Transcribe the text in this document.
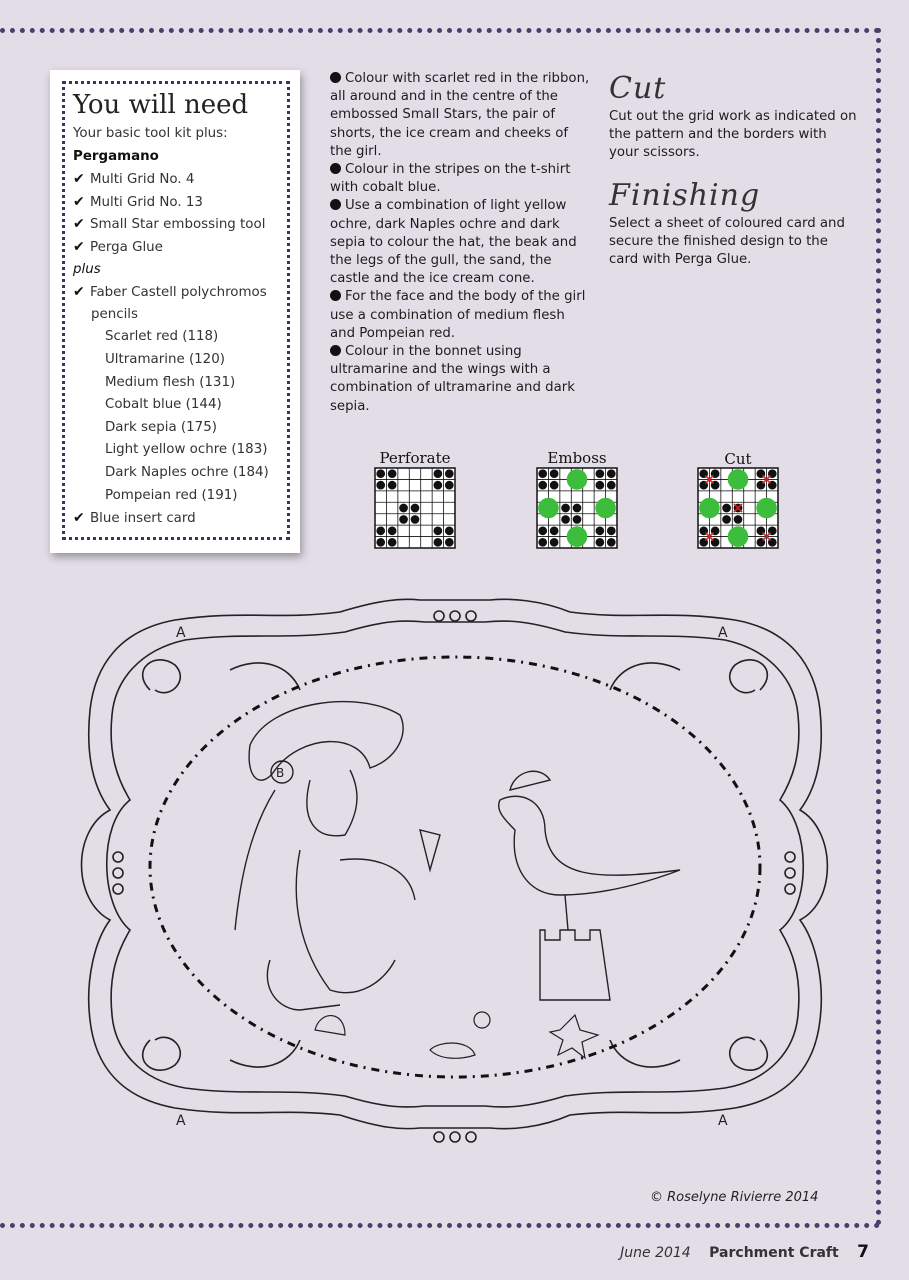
You will need
Your basic tool kit plus:
Pergamano
✔ Multi Grid No. 4
✔ Multi Grid No. 13
✔ Small Star embossing tool
✔ Perga Glue
plus
✔ Faber Castell polychromos
pencils
Scarlet red (118)
Ultramarine (120)
Medium flesh (131)
Cobalt blue (144)
Dark sepia (175)
Light yellow ochre (183)
Dark Naples ochre (184)
Pompeian red (191)
✔ Blue insert card

Colour with scarlet red in the ribbon, all around and in the centre of the embossed Small Stars, the pair of shorts, the ice cream and cheeks of the girl.

Colour in the stripes on the t-shirt with cobalt blue.

Use a combination of light yellow ochre, dark Naples ochre and dark sepia to colour the hat, the beak and the legs of the gull, the sand, the castle and the ice cream cone.

For the face and the body of the girl use a combination of medium flesh and Pompeian red.

Colour in the bonnet using ultramarine and the wings with a combination of ultramarine and dark sepia.

Cut

Cut out the grid work as indicated on the pattern and the borders with your scissors.

Finishing

Select a sheet of coloured card and secure the finished design to the card with Perga Glue.

Perforate	Emboss	Cut
A	A
A	A
B
© Roselyne Rivierre 2014
June 2014 Parchment Craft 7
